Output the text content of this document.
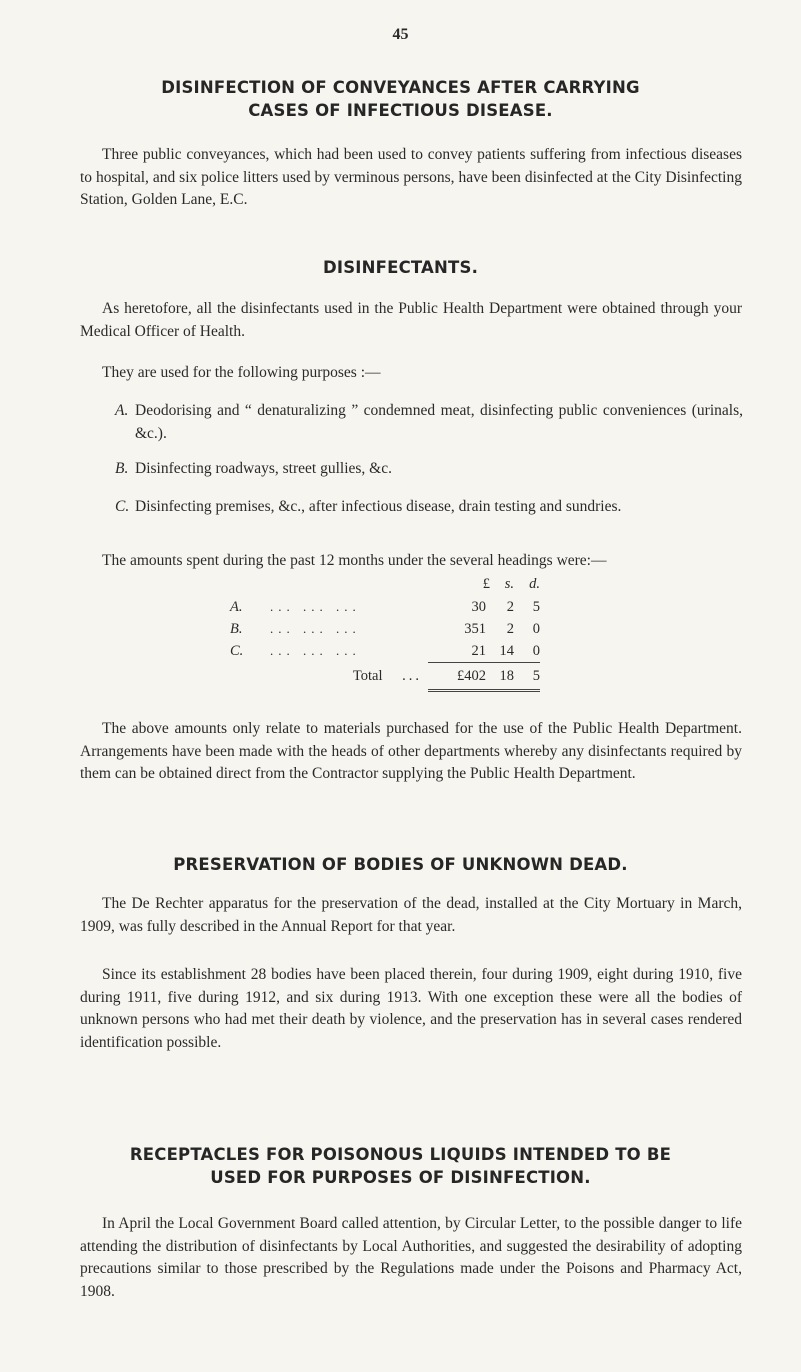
45
DISINFECTION OF CONVEYANCES AFTER CARRYING
CASES OF INFECTIOUS DISEASE.

Three public conveyances, which had been used to convey patients suffering from infectious diseases to hospital, and six police litters used by verminous persons, have been disinfected at the City Disinfecting Station, Golden Lane, E.C.

DISINFECTANTS.

As heretofore, all the disinfectants used in the Public Health Department were obtained through your Medical Officer of Health.

They are used for the following purposes :—
A. Deodorising and “ denaturalizing ” condemned meat, disinfecting public conveniences (urinals, &c.).
B. Disinfecting roadways, street gullies, &c.
C. Disinfecting premises, &c., after infectious disease, drain testing and sundries.
The amounts spent during the past 12 months under the several headings were:—
		£	s.	d.
A.	... ... ...	30	2	5
B.	... ... ...	351	2	0
C.	... ... ...	21	14	0
Total ...		£402	18	5

The above amounts only relate to materials purchased for the use of the Public Health Department. Arrangements have been made with the heads of other departments whereby any disinfectants required by them can be obtained direct from the Contractor supplying the Public Health Department.

PRESERVATION OF BODIES OF UNKNOWN DEAD.

The De Rechter apparatus for the preservation of the dead, installed at the City Mortuary in March, 1909, was fully described in the Annual Report for that year.

Since its establishment 28 bodies have been placed therein, four during 1909, eight during 1910, five during 1911, five during 1912, and six during 1913. With one exception these were all the bodies of unknown persons who had met their death by violence, and the preservation has in several cases rendered identification possible.

RECEPTACLES FOR POISONOUS LIQUIDS INTENDED TO BE
USED FOR PURPOSES OF DISINFECTION.

In April the Local Government Board called attention, by Circular Letter, to the possible danger to life attending the distribution of disinfectants by Local Authorities, and suggested the desirability of adopting precautions similar to those prescribed by the Regulations made under the Poisons and Pharmacy Act, 1908.
